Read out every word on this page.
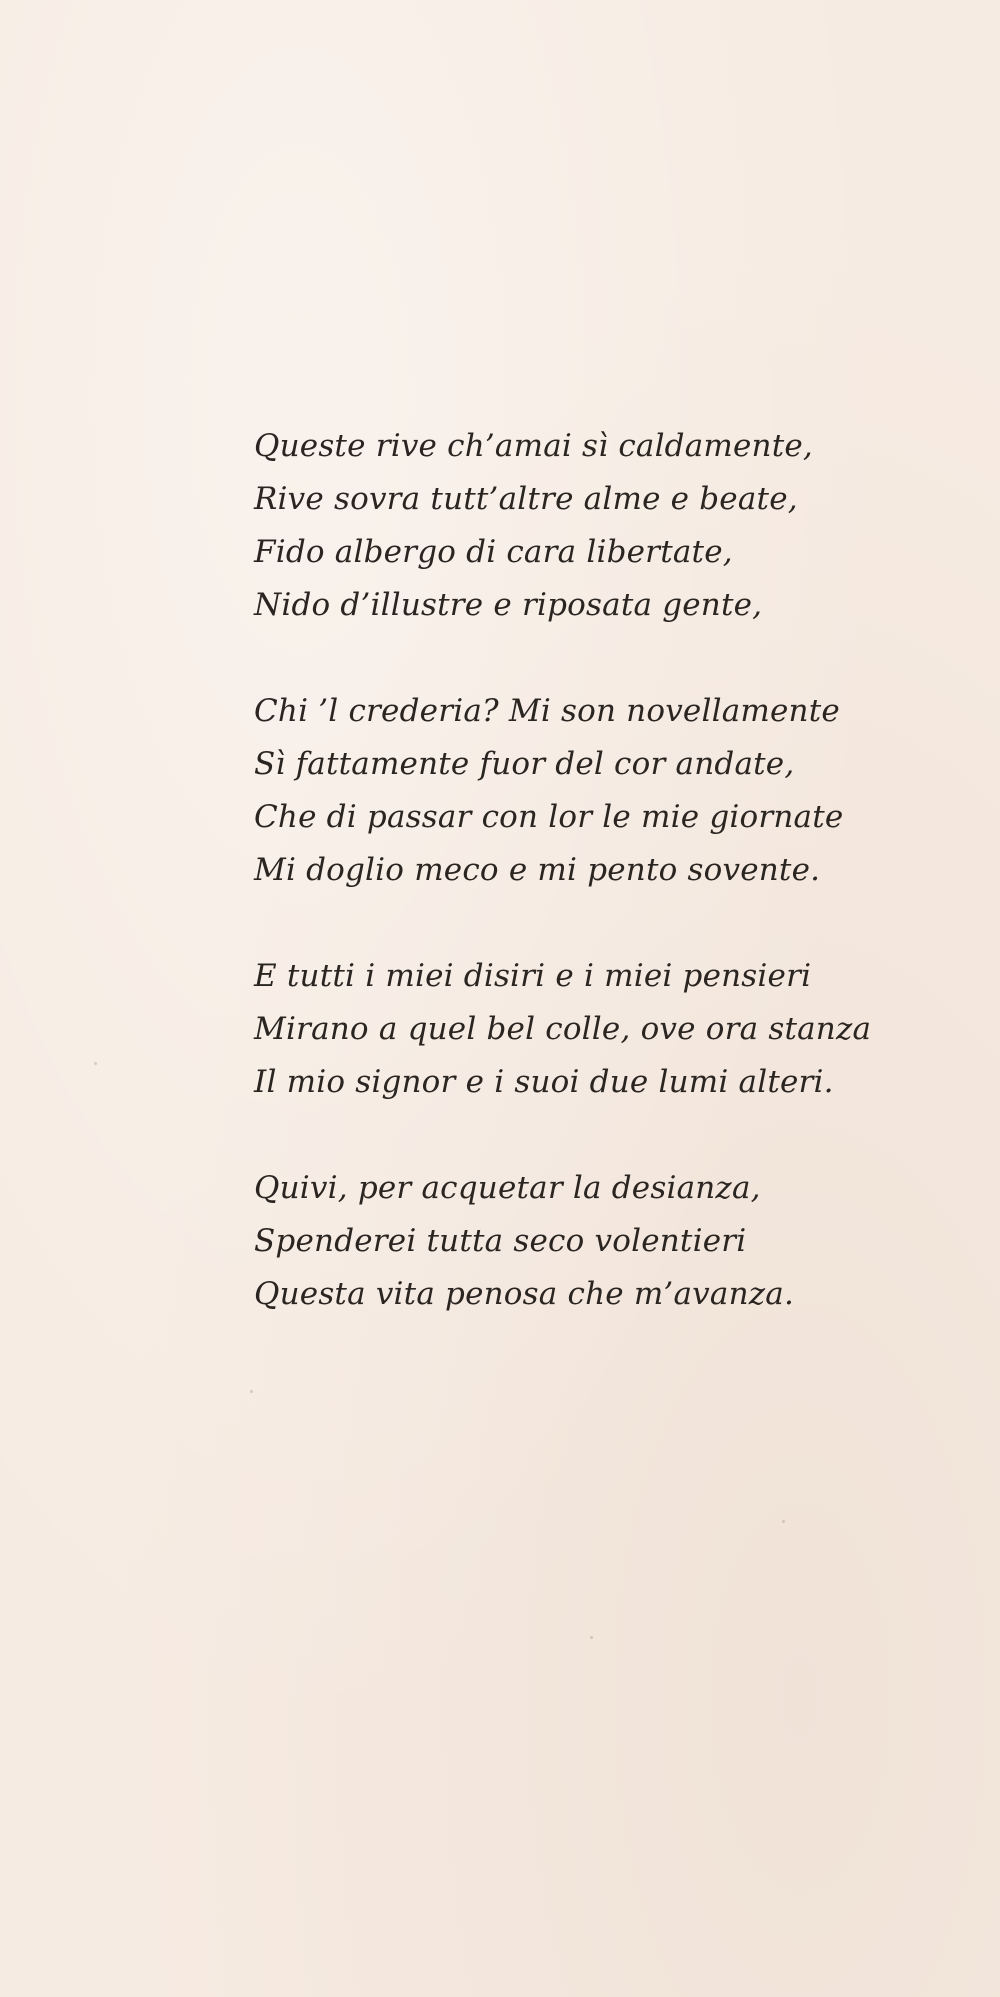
Queste rive ch’amai sì caldamente,
Rive sovra tutt’altre alme e beate,
Fido albergo di cara libertate,
Nido d’illustre e riposata gente,
Chi ’l crederia? Mi son novellamente
Sì fattamente fuor del cor andate,
Che di passar con lor le mie giornate
Mi doglio meco e mi pento sovente.
E tutti i miei disiri e i miei pensieri
Mirano a quel bel colle, ove ora stanza
Il mio signor e i suoi due lumi alteri.
Quivi, per acquetar la desianza,
Spenderei tutta seco volentieri
Questa vita penosa che m’avanza.
